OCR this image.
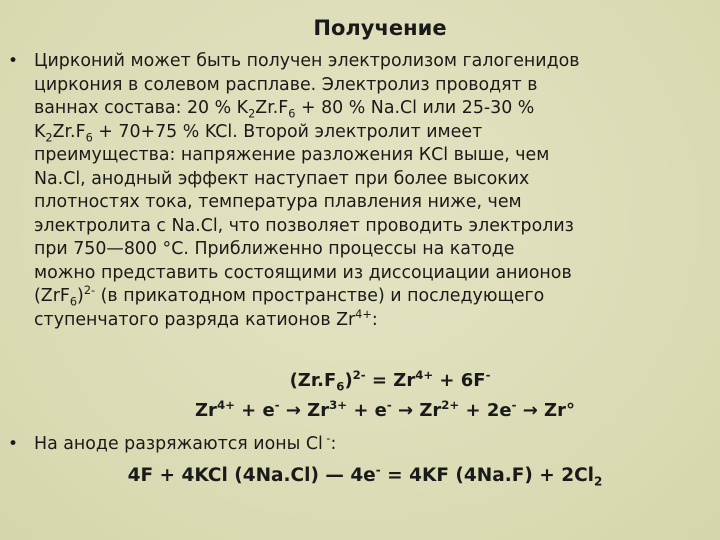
Получение
• Цирконий может быть получен электролизом галогенидов
циркония в солевом расплаве. Электролиз проводят в
ваннах состава: 20 % $K_2Zr.F_6 + 80$ % Na.Cl или 25-30 %
$K_2Zr.F_6 + 70+75$ % KCl. Второй электролит имеет
преимущества: напряжение разложения КСl выше, чем
Na.Cl, анодный эффект наступает при более высоких
плотностях тока, температура плавления ниже, чем
электролита с Na.Cl, что позволяет проводить электролиз
при 750—800 °С. Приближенно процессы на катоде
можно представить состоящими из диссоциации анионов
$(ZrF_6)^{2-}$ (в прикатодном пространстве) и последующего
ступенчатого разряда катионов $Zr^{4+}$:
$(Zr.F_6)^{2-} = Zr^{4+} + 6F^-$
$Zr^{4+} + e^- \to Zr^{3+} + e^- \to Zr^{2+} + 2e^- \to Zr^\circ$
• На аноде разряжаются ионы Cl -:
4F + 4KCl (4Na.Cl) — 4e- = 4KF $(4Na.F) + 2Cl_2$
